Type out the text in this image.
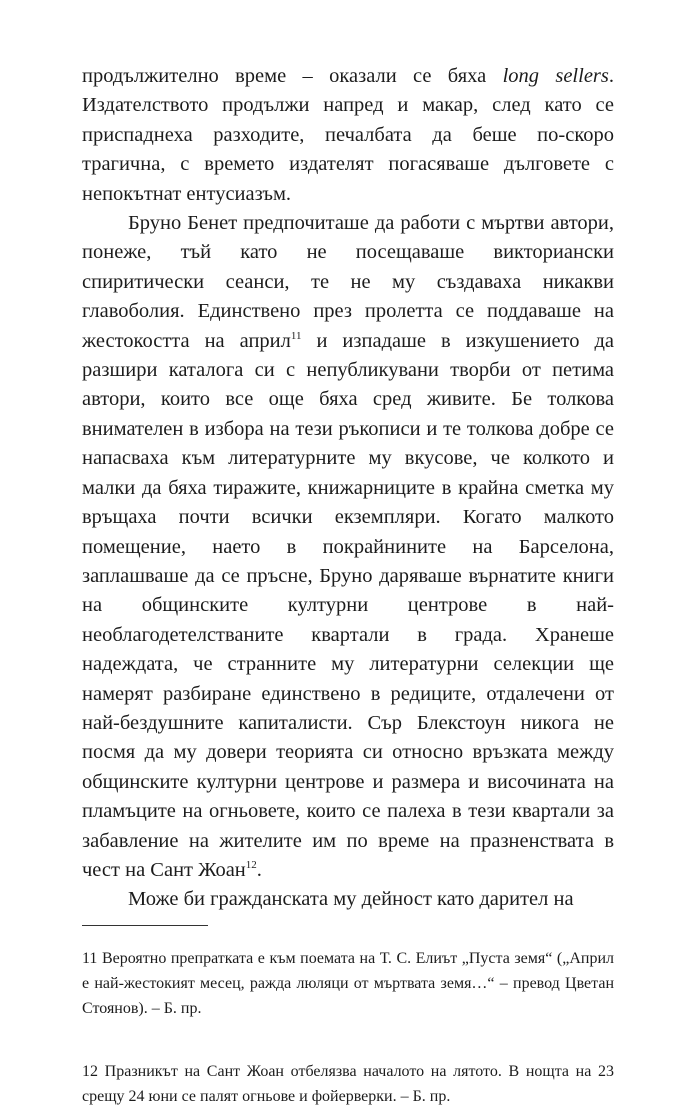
продължително време – оказали се бяха long sellers. Издателството продължи напред и макар, след като се приспаднеха разходите, печалбата да беше по-скоро трагична, с времето издателят погасяваше дълговете с непокътнат ентусиазъм.

Бруно Бенет предпочиташе да работи с мъртви автори, понеже, тъй като не посещаваше викториански спиритически сеанси, те не му създаваха никакви главоболия. Единствено през пролетта се поддаваше на жестокостта на април$^{11}$ и изпадаше в изкушението да разшири каталога си с непубликувани творби от петима автори, които все още бяха сред живите. Бе толкова внимателен в избора на тези ръкописи и те толкова добре се напасваха към литературните му вкусове, че колкото и малки да бяха тиражите, книжарниците в крайна сметка му връщаха почти всички екземпляри. Когато малкото помещение, наето в покрайнините на Барселона, заплашваше да се пръсне, Бруно даряваше върнатите книги на общинските културни центрове в най-необлагодетелстваните квартали в града. Хранеше надеждата, че странните му литературни селекции ще намерят разбиране единствено в редиците, отдалечени от най-бездушните капиталисти. Сър Блекстоун никога не посмя да му довери теорията си относно връзката между общинските културни центрове и размера и височината на пламъците на огньовете, които се палеха в тези квартали за забавление на жителите им по време на празненствата в чест на Сант Жоан$^{12}$.

Може би гражданската му дейност като дарител на

11 Вероятно препратката е към поемата на Т. С. Елиът „Пуста земя“ („Април е най-жестокият месец, ражда люляци от мъртвата земя…“ – превод Цветан Стоянов). – Б. пр.

12 Празникът на Сант Жоан отбелязва началото на лятото. В нощта на 23 срещу 24 юни се палят огньове и фойерверки. – Б. пр.
